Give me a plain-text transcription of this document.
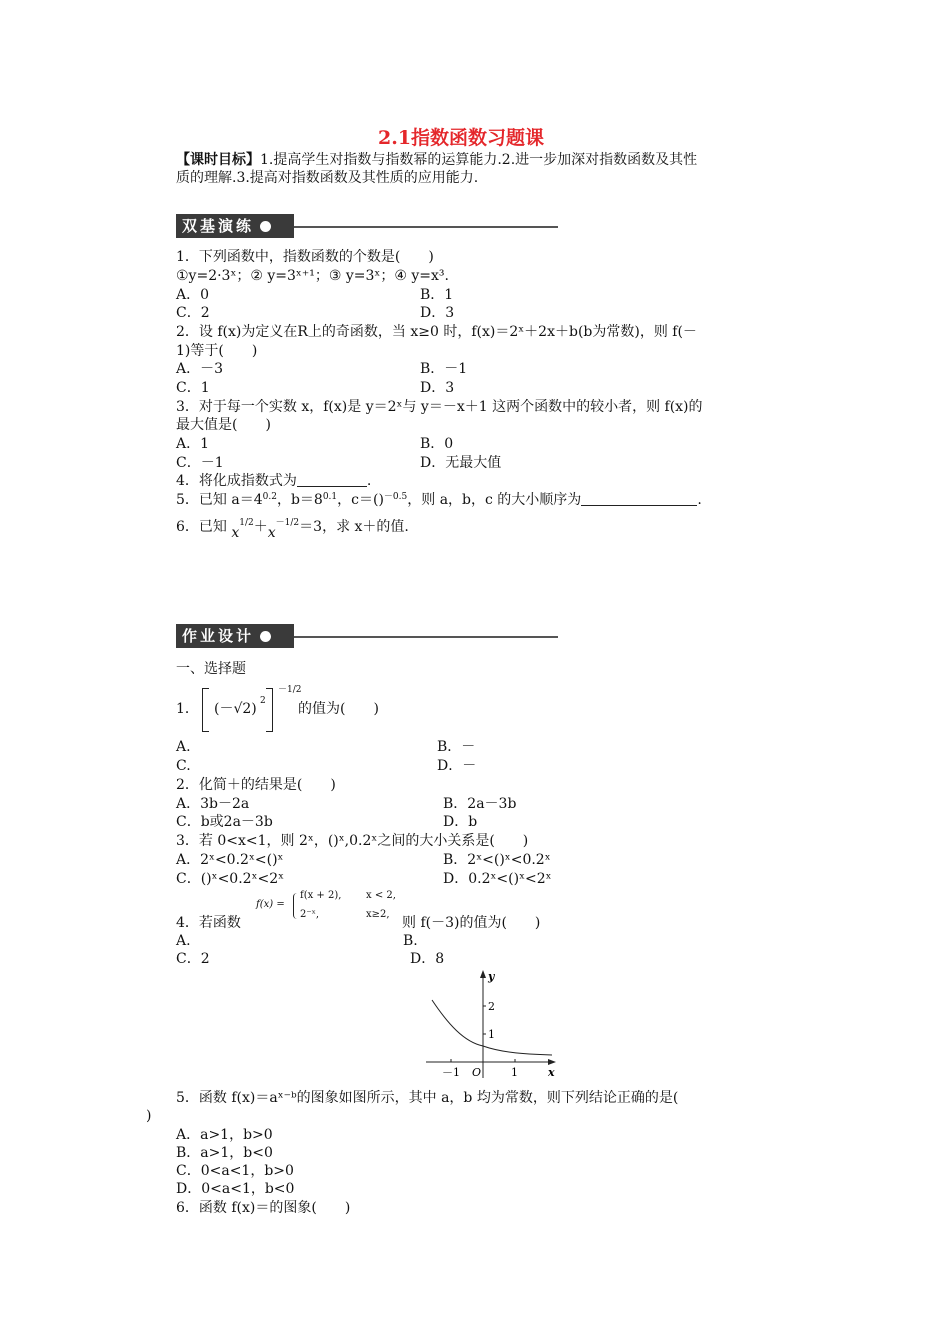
2.1指数函数习题课
【课时目标】1.提高学生对指数与指数幂的运算能力.2.进一步加深对指数函数及其性
质的理解.3.提高对指数函数及其性质的应用能力.
双基演练
1．下列函数中，指数函数的个数是(　　)
①y=2·3ˣ；② y=3ˣ⁺¹；③ y=3ˣ；④ y=x³.
A．0	B．1
C．2	D．3
2．设 f(x)为定义在R上的奇函数，当 x≥0 时，f(x)＝2ˣ＋2x＋b(b为常数)，则 f(－
1)等于(　　)
A．－3	B．－1
C．1	D．3
3．对于每一个实数 x，f(x)是 y＝2ˣ与 y＝－x＋1 这两个函数中的较小者，则 f(x)的
最大值是(　　)
A．1	B．0
C．－1	D．无最大值
4．将化成指数式为	.
5．已知 $a=4^{0.2}$，$b=8^{0.1}$，c＝()$^{-0.5}$，则 a，b，c 的大小顺序为	.
6．已知 $x^{1/2}+x^{-1/2}=3$，求 x＋的值.
作业设计
一、选择题
1． (－√2) 2
－1/2
的值为(　　)
A.	B．－
C.	D．－
2．化简＋的结果是(　　)
A．3b－2a	B．2a－3b
C．b或2a－3b	D．b
3．若 0<x<1，则 2ˣ，()ˣ,0.2ˣ之间的大小关系是(　　)
A．2ˣ<0.2ˣ<()ˣ	B．2ˣ<()ˣ<0.2ˣ
C．()ˣ<0.2ˣ<2ˣ	D．0.2ˣ<()ˣ<2ˣ
4．若函数
f(x) =
f(x + 2), x < 2,
2⁻ˣ,	x≥2,
则 f(－3)的值为(　　)
A.	B.
C．2	D．8
y
x
2
1
－1 O	1
5．函数 f(x)＝aˣ⁻ᵇ的图象如图所示，其中 a，b 均为常数，则下列结论正确的是(
)
A．a>1，b>0
B．a>1，b<0
C．0<a<1，b>0
D．0<a<1，b<0
6．函数 f(x)＝的图象(　　)
